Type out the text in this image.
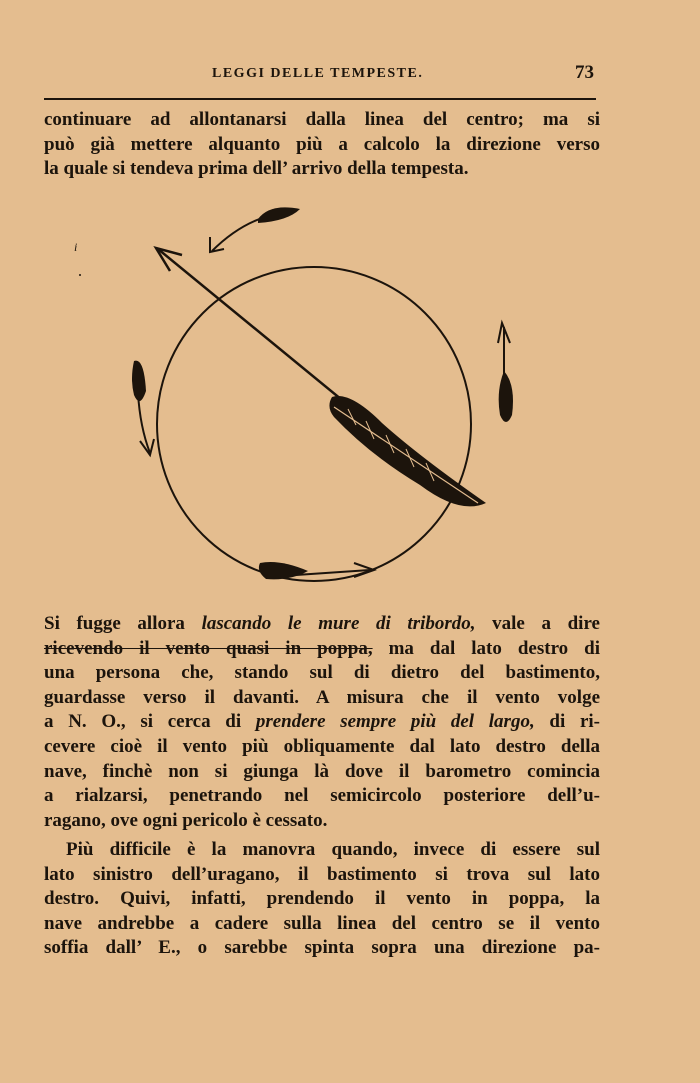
LEGGI DELLE TEMPESTE.	73

continuare ad allontanarsi dalla linea del centro; ma si
può già mettere alquanto più a calcolo la direzione verso
la quale si tendeva prima dell’ arrivo della tempesta.

i

Si fugge allora lascando le mure di tribordo, vale a dire
ricevendo il vento quasi in poppa, ma dal lato destro di
una persona che, stando sul di dietro del bastimento,
guardasse verso il davanti. A misura che il vento volge
a N. O., si cerca di prendere sempre più del largo, di ri-
cevere cioè il vento più obliquamente dal lato destro della
nave, finchè non si giunga là dove il barometro comincia
a rialzarsi, penetrando nel semicircolo posteriore dell’u-
ragano, ove ogni pericolo è cessato.

Più difficile è la manovra quando, invece di essere sul
lato sinistro dell’uragano, il bastimento si trova sul lato
destro. Quivi, infatti, prendendo il vento in poppa, la
nave andrebbe a cadere sulla linea del centro se il vento
soffia dall’ E., o sarebbe spinta sopra una direzione pa-
